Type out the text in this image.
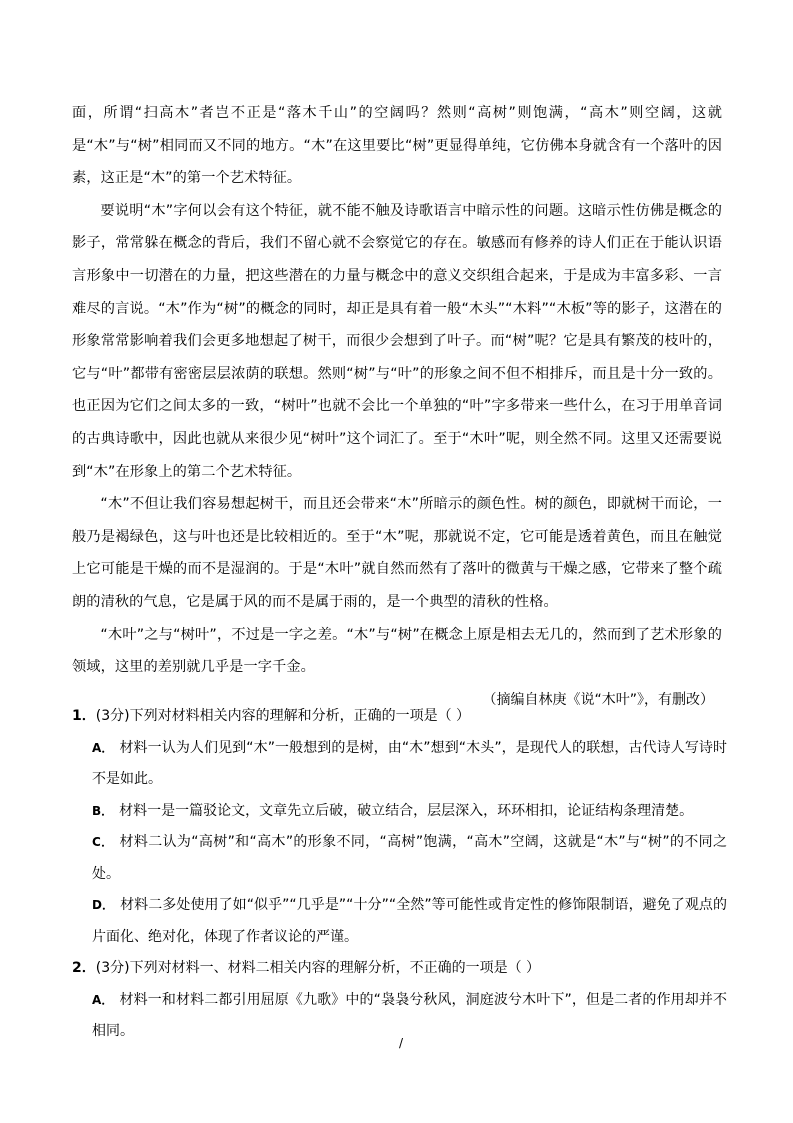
面，所谓“扫高木”者岂不正是“落木千山”的空阔吗？然则“高树”则饱满，“高木”则空阔，这就是“木”与“树”相同而又不同的地方。“木”在这里要比“树”更显得单纯，它仿佛本身就含有一个落叶的因素，这正是“木”的第一个艺术特征。

要说明“木”字何以会有这个特征，就不能不触及诗歌语言中暗示性的问题。这暗示性仿佛是概念的影子，常常躲在概念的背后，我们不留心就不会察觉它的存在。敏感而有修养的诗人们正在于能认识语言形象中一切潜在的力量，把这些潜在的力量与概念中的意义交织组合起来，于是成为丰富多彩、一言难尽的言说。“木”作为“树”的概念的同时，却正是具有着一般“木头”“木料”“木板”等的影子，这潜在的形象常常影响着我们会更多地想起了树干，而很少会想到了叶子。而“树”呢？它是具有繁茂的枝叶的，它与“叶”都带有密密层层浓荫的联想。然则“树”与“叶”的形象之间不但不相排斥，而且是十分一致的。也正因为它们之间太多的一致，“树叶”也就不会比一个单独的“叶”字多带来一些什么，在习于用单音词的古典诗歌中，因此也就从来很少见“树叶”这个词汇了。至于“木叶”呢，则全然不同。这里又还需要说到“木”在形象上的第二个艺术特征。

“木”不但让我们容易想起树干，而且还会带来“木”所暗示的颜色性。树的颜色，即就树干而论，一般乃是褐绿色，这与叶也还是比较相近的。至于“木”呢，那就说不定，它可能是透着黄色，而且在触觉上它可能是干燥的而不是湿润的。于是“木叶”就自然而然有了落叶的微黄与干燥之感，它带来了整个疏朗的清秋的气息，它是属于风的而不是属于雨的，是一个典型的清秋的性格。

“木叶”之与“树叶”，不过是一字之差。“木”与“树”在概念上原是相去无几的，然而到了艺术形象的领域，这里的差别就几乎是一字千金。

（摘编自林庚《说“木叶”》，有删改）

1．(3分)下列对材料相关内容的理解和分析，正确的一项是（ ）

A． 材料一认为人们见到“木”一般想到的是树，由“木”想到“木头”，是现代人的联想，古代诗人写诗时不是如此。

B． 材料一是一篇驳论文，文章先立后破，破立结合，层层深入，环环相扣，论证结构条理清楚。

C． 材料二认为“高树”和“高木”的形象不同，“高树”饱满，“高木”空阔，这就是“木”与“树”的不同之处。

D． 材料二多处使用了如“似乎”“几乎是”“十分”“全然”等可能性或肯定性的修饰限制语，避免了观点的片面化、绝对化，体现了作者议论的严谨。

2．(3分)下列对材料一、材料二相关内容的理解分析，不正确的一项是（ ）

A． 材料一和材料二都引用屈原《九歌》中的“袅袅兮秋风，洞庭波兮木叶下”，但是二者的作用却并不相同。

/
